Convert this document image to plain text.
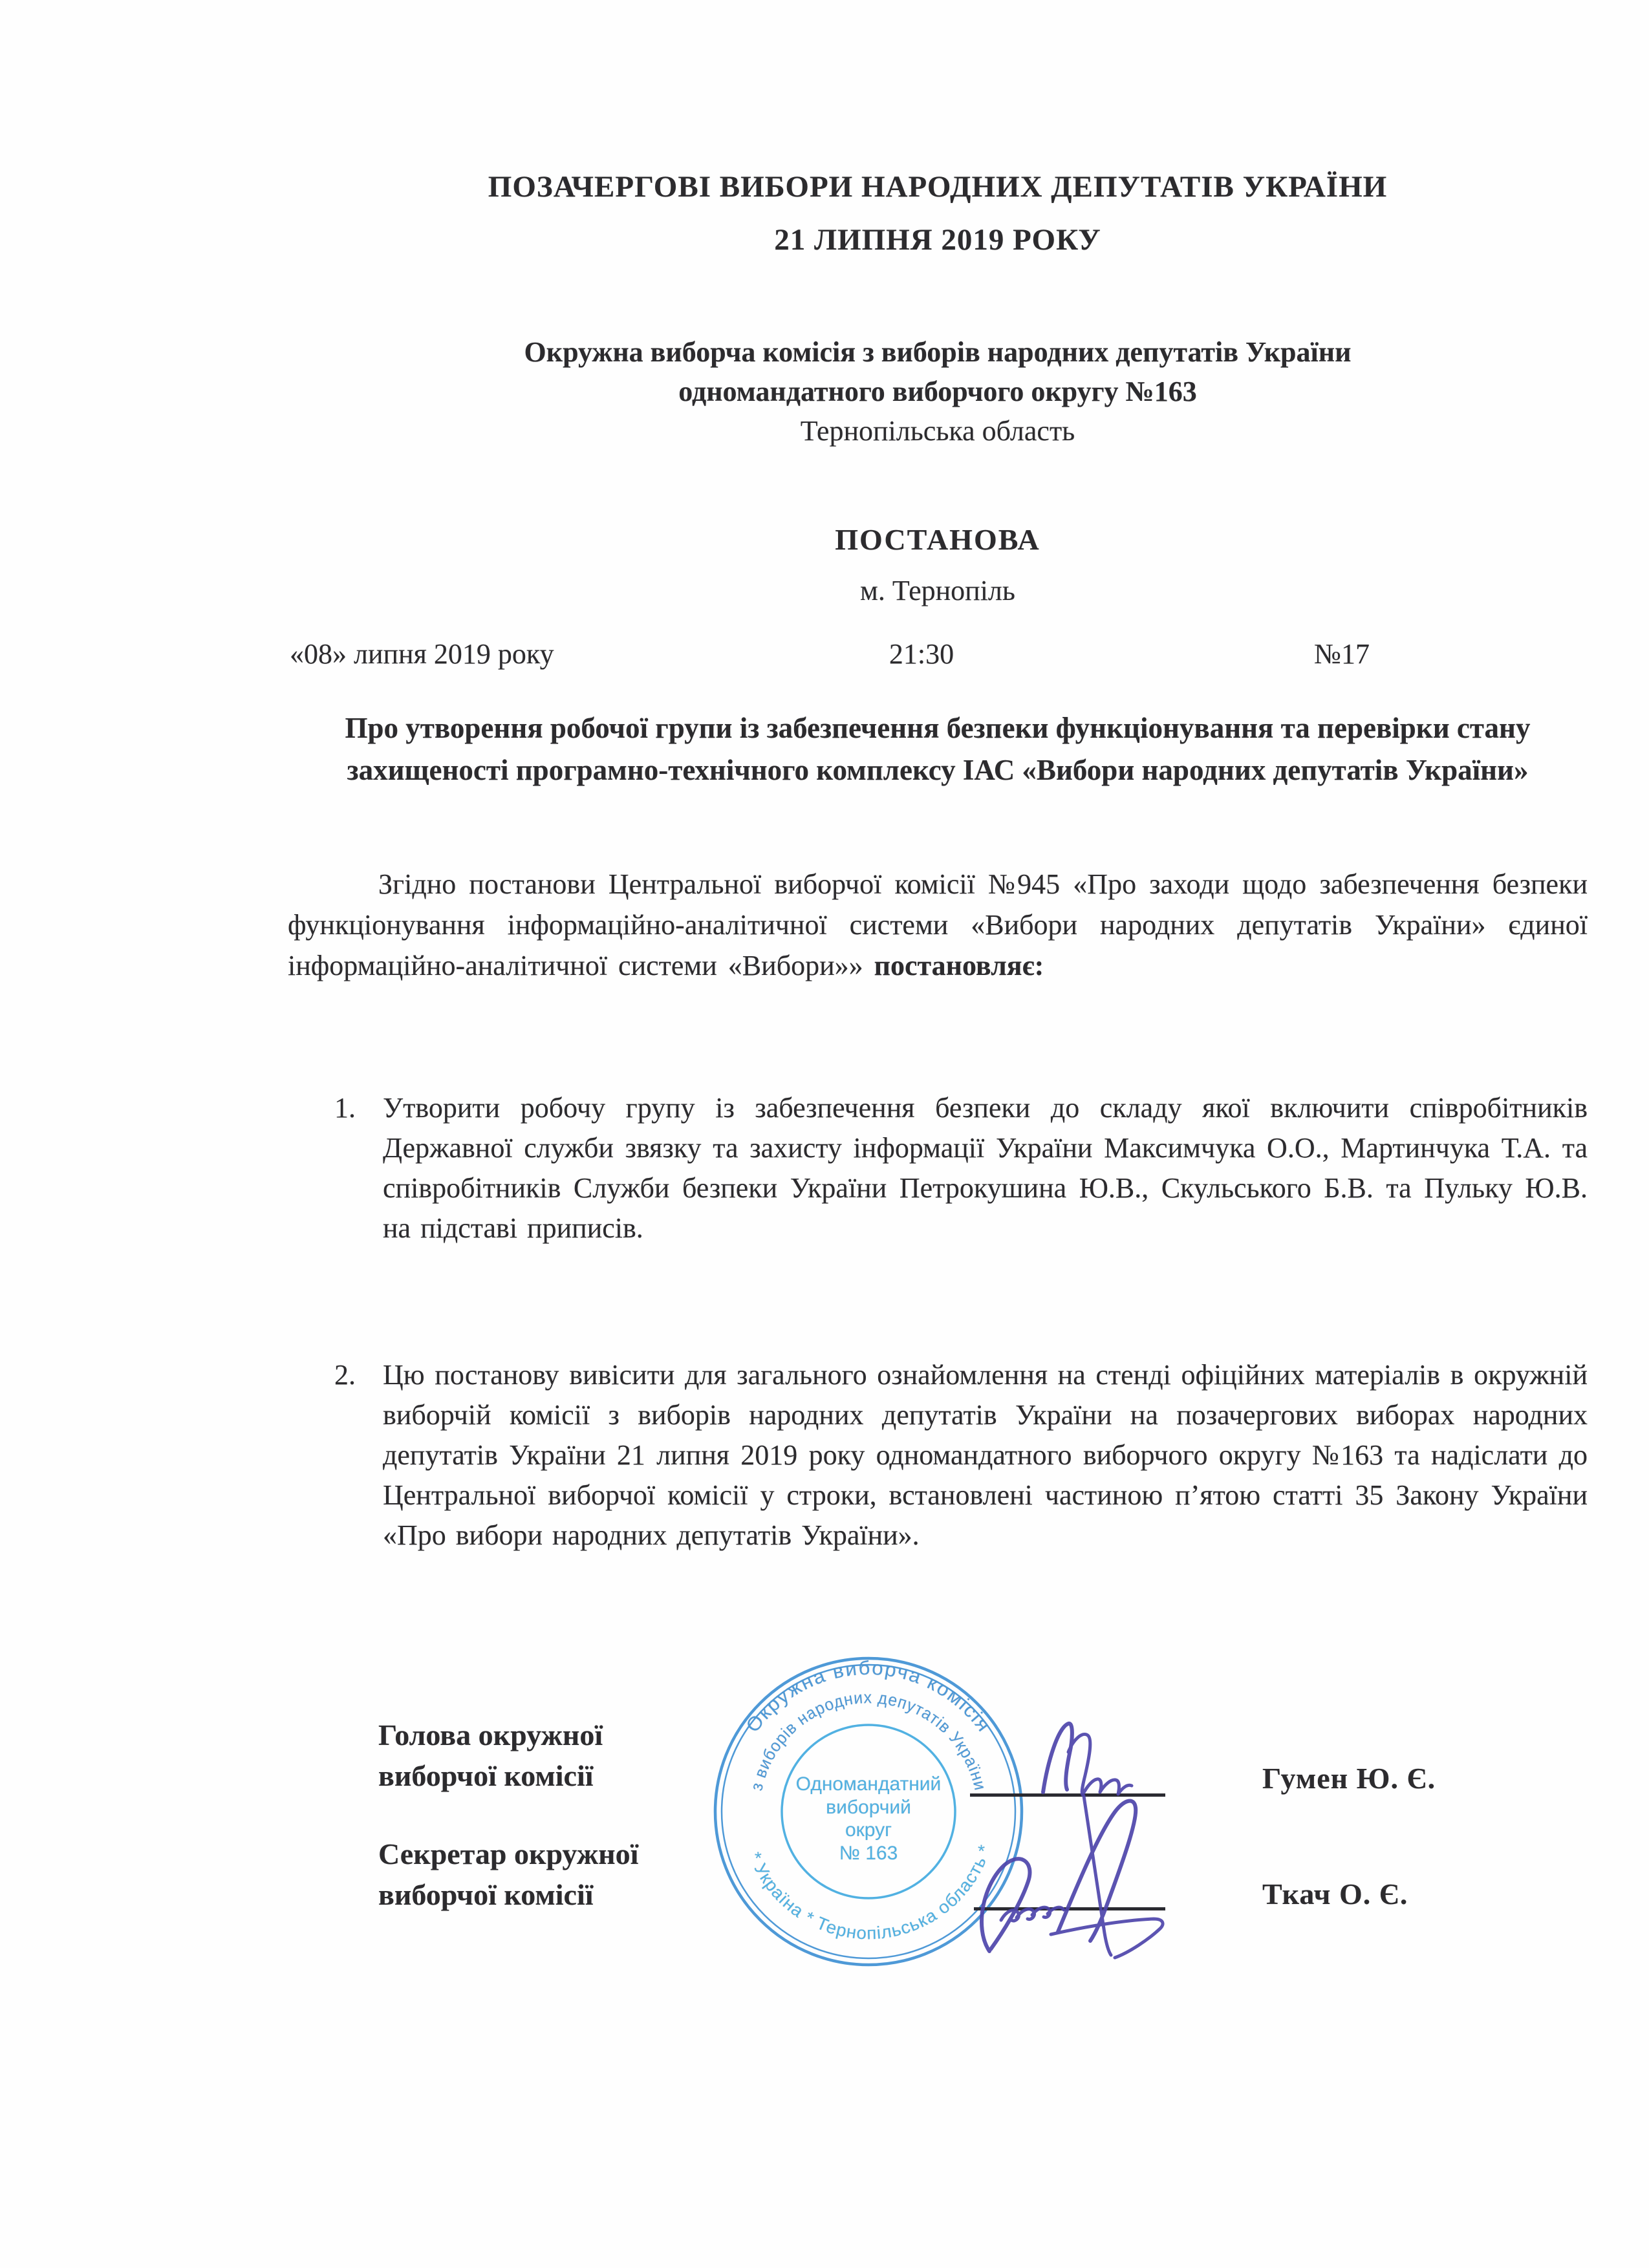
ПОЗАЧЕРГОВІ ВИБОРИ НАРОДНИХ ДЕПУТАТІВ УКРАЇНИ
21 ЛИПНЯ 2019 РОКУ
Окружна виборча комісія з виборів народних депутатів України
одномандатного виборчого округу №163
Тернопільська область
ПОСТАНОВА
м. Тернопіль
«08» липня 2019 року	21:30	№17
Про утворення робочої групи із забезпечення безпеки функціонування та перевірки стану захищеності програмно-технічного комплексу ІАС «Вибори народних депутатів України»

Згідно постанови Центральної виборчої комісії №945 «Про заходи щодо забезпечення безпеки функціонування інформаційно-аналітичної системи «Вибори народних депутатів України» єдиної інформаційно-аналітичної системи «Вибори»» постановляє:

1. Утворити робочу групу із забезпечення безпеки до складу якої включити співробітників Державної служби звязку та захисту інформації України Максимчука О.О., Мартинчука Т.А. та співробітників Служби безпеки України Петрокушина Ю.В., Скульського Б.В. та Пульку Ю.В. на підставі приписів.
2. Цю постанову вивісити для загального ознайомлення на стенді офіційних матеріалів в окружній виборчій комісії з виборів народних депутатів України на позачергових виборах народних депутатів України 21 липня 2019 року одномандатного виборчого округу №163 та надіслати до Центральної виборчої комісії у строки, встановлені частиною п’ятою статті 35 Закону України «Про вибори народних депутатів України».
Голова окружної
виборчої комісії
Секретар окружної
виборчої комісії
Гумен Ю. Є.
Ткач О. Є.
Окружна виборча комісія
з виборів народних депутатів України
* Україна * Тернопільська область *
Одномандатний
виборчий
округ
№ 163
